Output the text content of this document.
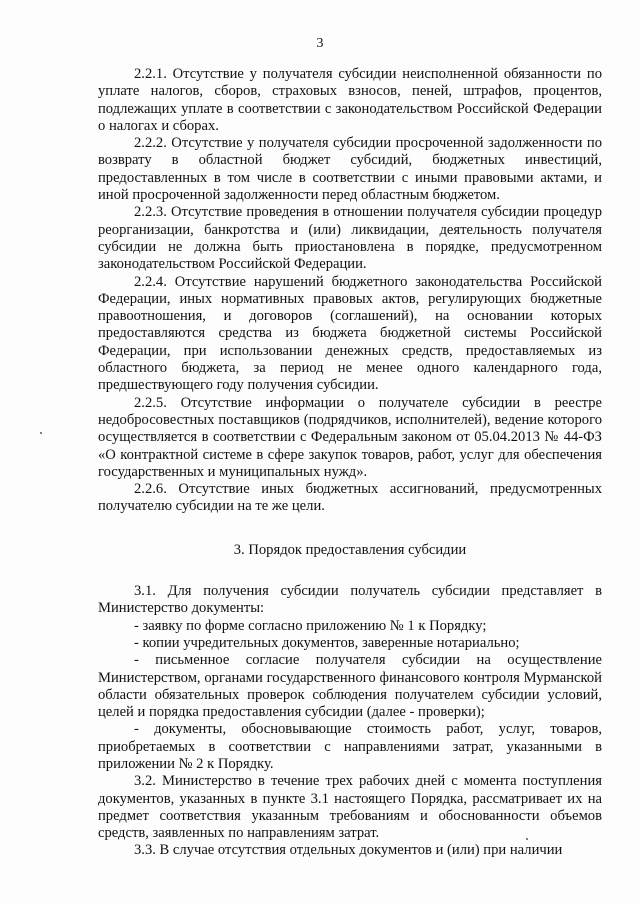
3

2.2.1. Отсутствие у получателя субсидии неисполненной обязанности по уплате налогов, сборов, страховых взносов, пеней, штрафов, процентов, подлежащих уплате в соответствии с законодательством Российской Федерации о налогах и сборах.

2.2.2. Отсутствие у получателя субсидии просроченной задолженности по возврату в областной бюджет субсидий, бюджетных инвестиций, предоставленных в том числе в соответствии с иными правовыми актами, и иной просроченной задолженности перед областным бюджетом.

2.2.3. Отсутствие проведения в отношении получателя субсидии процедур реорганизации, банкротства и (или) ликвидации, деятельность получателя субсидии не должна быть приостановлена в порядке, предусмотренном законодательством Российской Федерации.

2.2.4. Отсутствие нарушений бюджетного законодательства Российской Федерации, иных нормативных правовых актов, регулирующих бюджетные правоотношения, и договоров (соглашений), на основании которых предоставляются средства из бюджета бюджетной системы Российской Федерации, при использовании денежных средств, предоставляемых из областного бюджета, за период не менее одного календарного года, предшествующего году получения субсидии.

2.2.5. Отсутствие информации о получателе субсидии в реестре недобросовестных поставщиков (подрядчиков, исполнителей), ведение которого осуществляется в соответствии с Федеральным законом от 05.04.2013 № 44-ФЗ «О контрактной системе в сфере закупок товаров, работ, услуг для обеспечения государственных и муниципальных нужд».

2.2.6. Отсутствие иных бюджетных ассигнований, предусмотренных получателю субсидии на те же цели.

3. Порядок предоставления субсидии

3.1. Для получения субсидии получатель субсидии представляет в Министерство документы:

- заявку по форме согласно приложению № 1 к Порядку;

- копии учредительных документов, заверенные нотариально;

- письменное согласие получателя субсидии на осуществление Министерством, органами государственного финансового контроля Мурманской области обязательных проверок соблюдения получателем субсидии условий, целей и порядка предоставления субсидии (далее - проверки);

- документы, обосновывающие стоимость работ, услуг, товаров, приобретаемых в соответствии с направлениями затрат, указанными в приложении № 2 к Порядку.

3.2. Министерство в течение трех рабочих дней с момента поступления документов, указанных в пункте 3.1 настоящего Порядка, рассматривает их на предмет соответствия указанным требованиям и обоснованности объемов средств, заявленных по направлениям затрат.

3.3. В случае отсутствия отдельных документов и (или) при наличии
